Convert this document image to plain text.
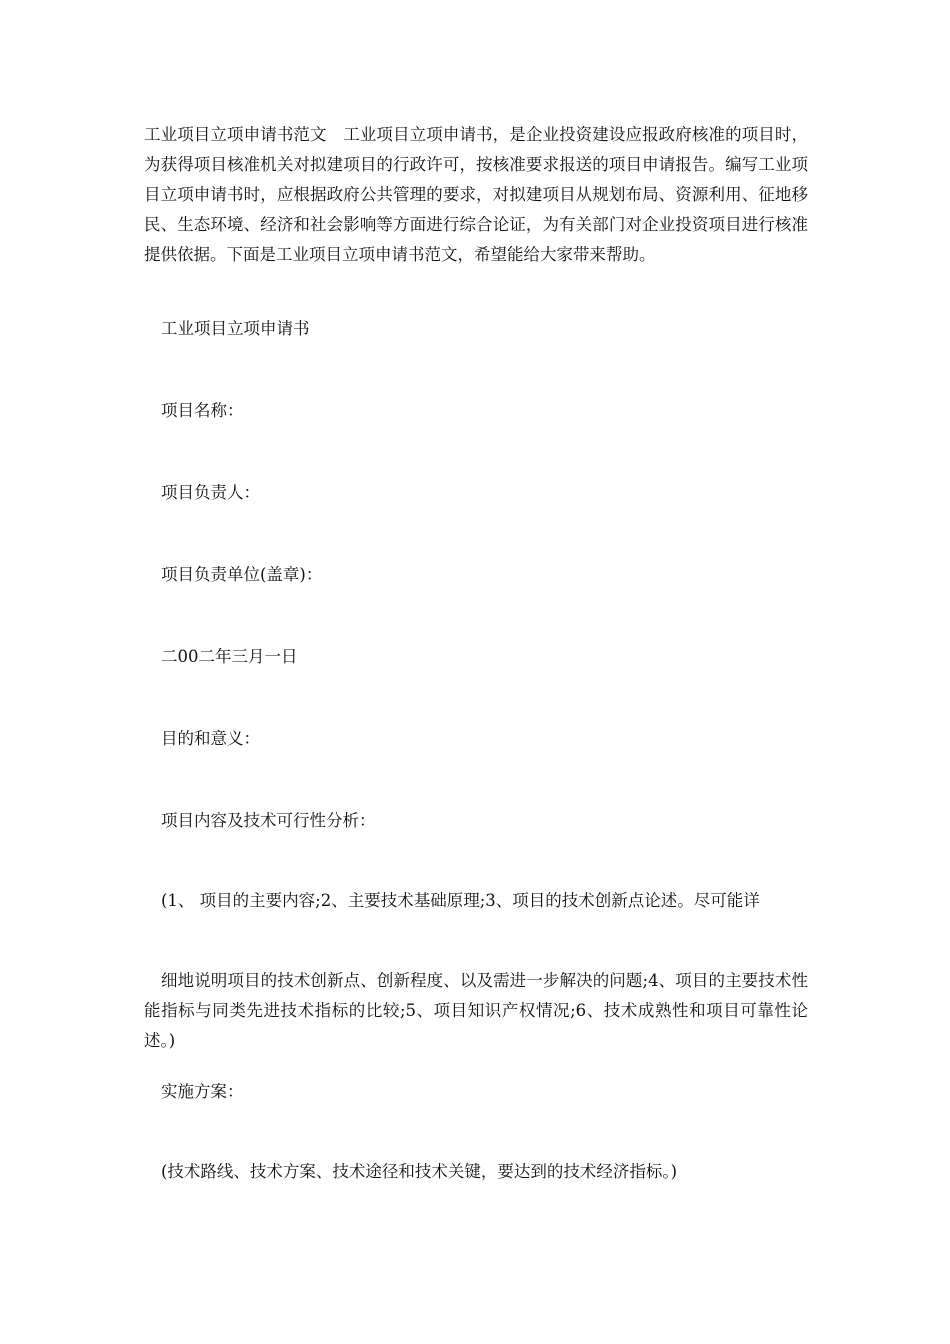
工业项目立项申请书范文　工业项目立项申请书，是企业投资建设应报政府核准的项目时，为获得项目核准机关对拟建项目的行政许可，按核准要求报送的项目申请报告。编写工业项目立项申请书时，应根据政府公共管理的要求，对拟建项目从规划布局、资源利用、征地移民、生态环境、经济和社会影响等方面进行综合论证，为有关部门对企业投资项目进行核准提供依据。下面是工业项目立项申请书范文，希望能给大家带来帮助。

工业项目立项申请书

项目名称：

项目负责人：

项目负责单位(盖章)：

二00二年三月一日

目的和意义：

项目内容及技术可行性分析：

(1、 项目的主要内容;2、主要技术基础原理;3、项目的技术创新点论述。尽可能详

细地说明项目的技术创新点、创新程度、以及需进一步解决的问题;4、项目的主要技术性能指标与同类先进技术指标的比较;5、项目知识产权情况;6、技术成熟性和项目可靠性论述。)

实施方案：

(技术路线、技术方案、技术途径和技术关键，要达到的技术经济指标。)
